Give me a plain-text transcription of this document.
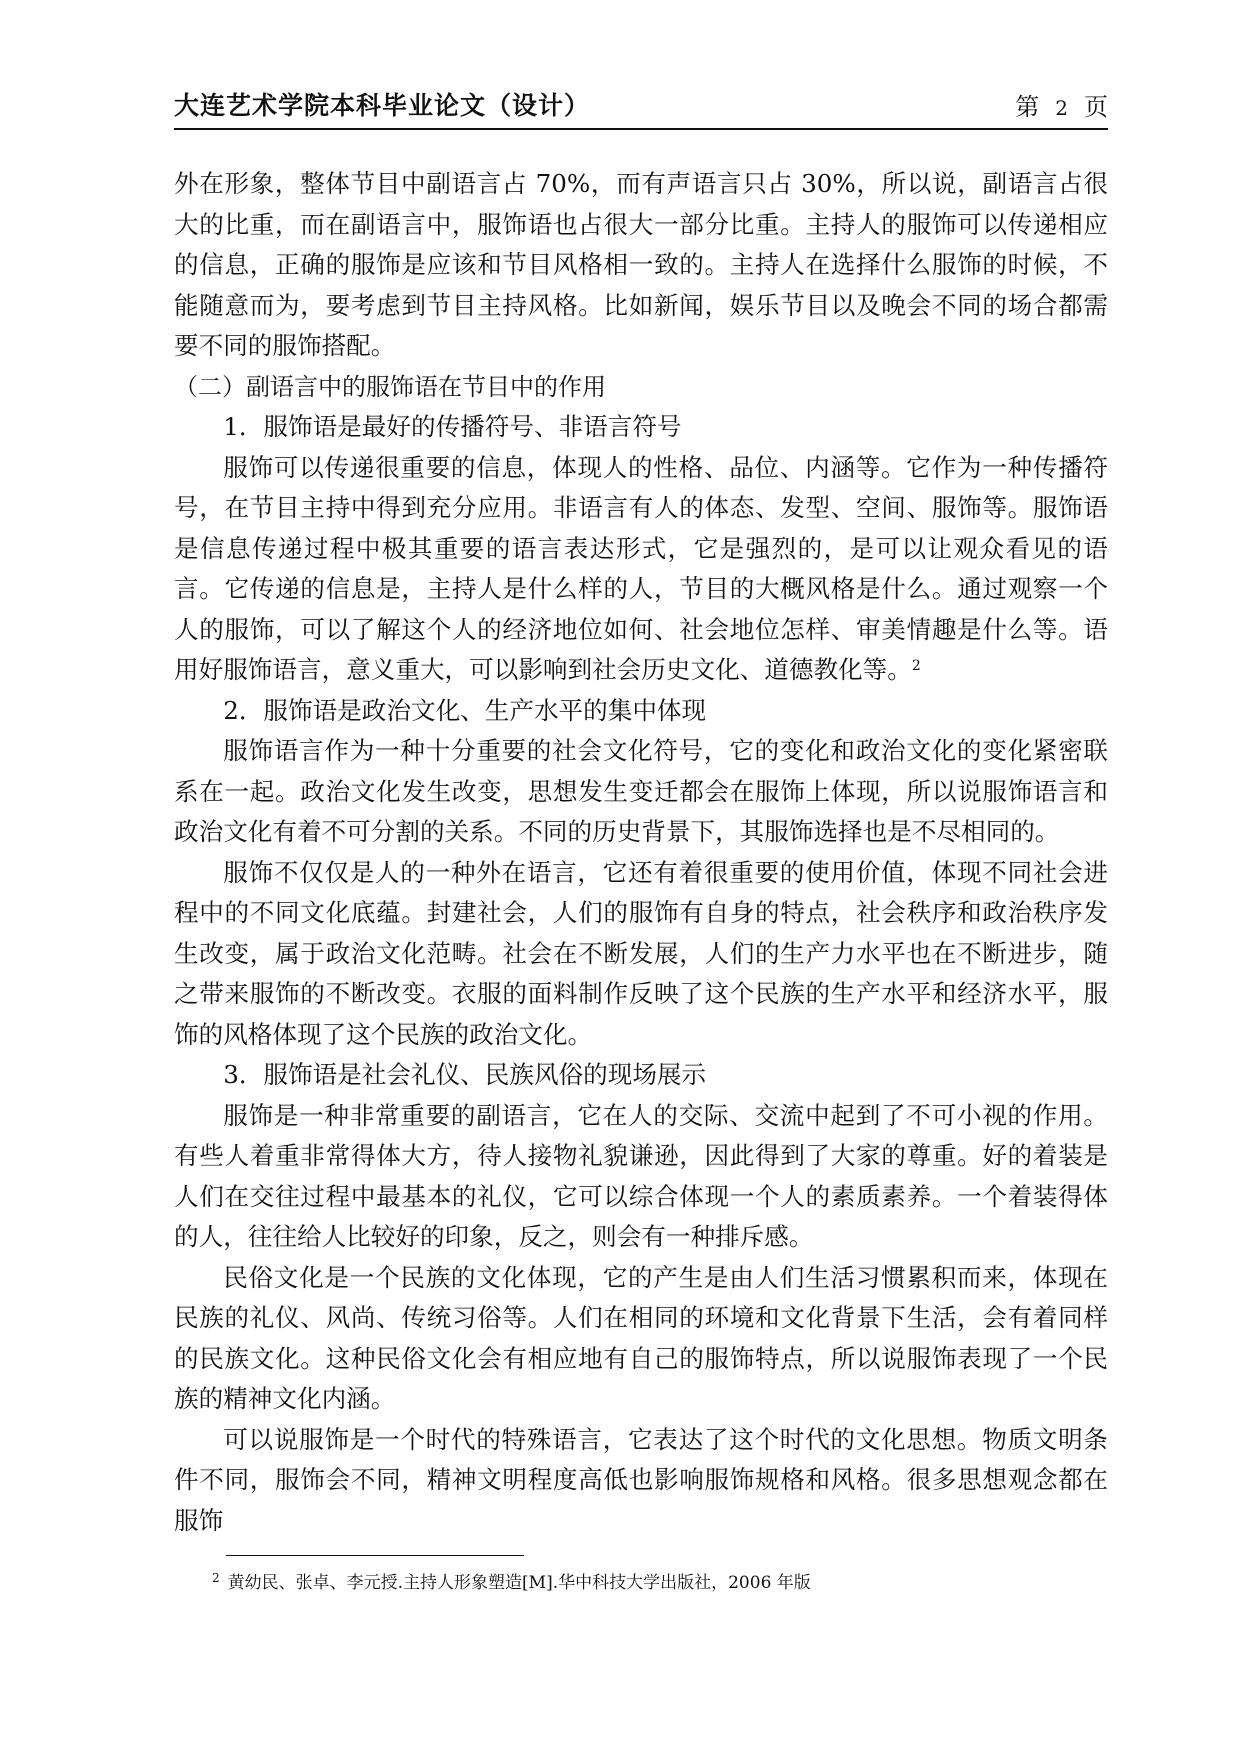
大连艺术学院本科毕业论文（设计）	第 2 页

外在形象，整体节目中副语言占 70%，而有声语言只占 30%，所以说，副语言占很大的比重，而在副语言中，服饰语也占很大一部分比重。主持人的服饰可以传递相应的信息，正确的服饰是应该和节目风格相一致的。主持人在选择什么服饰的时候，不能随意而为，要考虑到节目主持风格。比如新闻，娱乐节目以及晚会不同的场合都需要不同的服饰搭配。

（二）副语言中的服饰语在节目中的作用

1．服饰语是最好的传播符号、非语言符号

服饰可以传递很重要的信息，体现人的性格、品位、内涵等。它作为一种传播符号，在节目主持中得到充分应用。非语言有人的体态、发型、空间、服饰等。服饰语是信息传递过程中极其重要的语言表达形式，它是强烈的，是可以让观众看见的语言。它传递的信息是，主持人是什么样的人，节目的大概风格是什么。通过观察一个人的服饰，可以了解这个人的经济地位如何、社会地位怎样、审美情趣是什么等。语用好服饰语言，意义重大，可以影响到社会历史文化、道德教化等。$^2$

2．服饰语是政治文化、生产水平的集中体现

服饰语言作为一种十分重要的社会文化符号，它的变化和政治文化的变化紧密联系在一起。政治文化发生改变，思想发生变迁都会在服饰上体现，所以说服饰语言和政治文化有着不可分割的关系。不同的历史背景下，其服饰选择也是不尽相同的。

服饰不仅仅是人的一种外在语言，它还有着很重要的使用价值，体现不同社会进程中的不同文化底蕴。封建社会，人们的服饰有自身的特点，社会秩序和政治秩序发生改变，属于政治文化范畴。社会在不断发展，人们的生产力水平也在不断进步，随之带来服饰的不断改变。衣服的面料制作反映了这个民族的生产水平和经济水平，服饰的风格体现了这个民族的政治文化。

3．服饰语是社会礼仪、民族风俗的现场展示

服饰是一种非常重要的副语言，它在人的交际、交流中起到了不可小视的作用。有些人着重非常得体大方，待人接物礼貌谦逊，因此得到了大家的尊重。好的着装是人们在交往过程中最基本的礼仪，它可以综合体现一个人的素质素养。一个着装得体的人，往往给人比较好的印象，反之，则会有一种排斥感。

民俗文化是一个民族的文化体现，它的产生是由人们生活习惯累积而来，体现在民族的礼仪、风尚、传统习俗等。人们在相同的环境和文化背景下生活，会有着同样的民族文化。这种民俗文化会有相应地有自己的服饰特点，所以说服饰表现了一个民族的精神文化内涵。

可以说服饰是一个时代的特殊语言，它表达了这个时代的文化思想。物质文明条件不同，服饰会不同，精神文明程度高低也影响服饰规格和风格。很多思想观念都在服饰

$^2$ 黄幼民、张卓、李元授.主持人形象塑造[M].华中科技大学出版社，2006 年版
